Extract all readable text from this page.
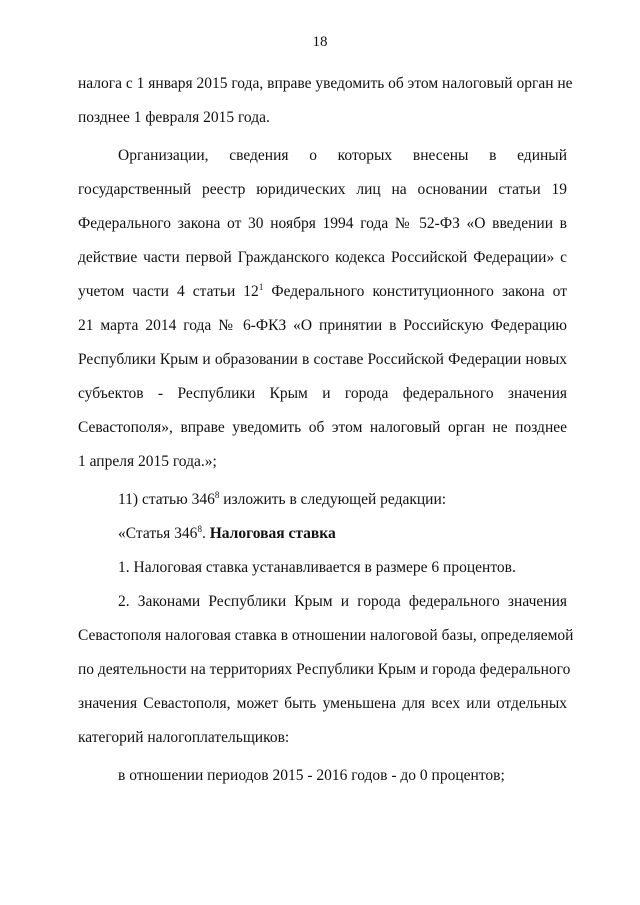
18
налога с 1 января 2015 года, вправе уведомить об этом налоговый орган не
позднее 1 февраля 2015 года.
Организации, сведения о которых внесены в единый
государственный реестр юридических лиц на основании статьи 19
Федерального закона от 30 ноября 1994 года № 52-ФЗ «О введении в
действие части первой Гражданского кодекса Российской Федерации» с
учетом части 4 статьи $12^1$ Федерального конституционного закона от
21 марта 2014 года № 6-ФКЗ «О принятии в Российскую Федерацию
Республики Крым и образовании в составе Российской Федерации новых
субъектов - Республики Крым и города федерального значения
Севастополя», вправе уведомить об этом налоговый орган не позднее
1 апреля 2015 года.»;
11) статью $346^8$ изложить в следующей редакции:
«Статья $346^8$. Налоговая ставка
1. Налоговая ставка устанавливается в размере 6 процентов.
2. Законами Республики Крым и города федерального значения
Севастополя налоговая ставка в отношении налоговой базы, определяемой
по деятельности на территориях Республики Крым и города федерального
значения Севастополя, может быть уменьшена для всех или отдельных
категорий налогоплательщиков:
в отношении периодов 2015 - 2016 годов - до 0 процентов;
